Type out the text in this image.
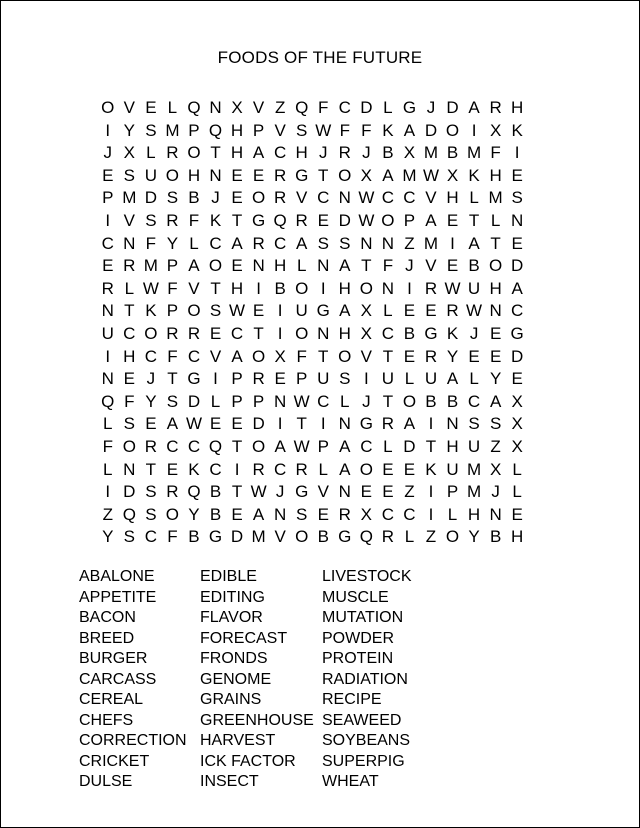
FOODS OF THE FUTURE
O V E L Q N X V Z Q F C D L G J D A R H
I Y S M P Q H P V S W F F K A D O I X K
J X L R O T H A C H J R J B X M B M F I
E S U O H N E E R G T O X A M W X K H E
P M D S B J E O R V C N W C C V H L M S
I V S R F K T G Q R E D W O P A E T L N
C N F Y L C A R C A S S N N Z M I A T E
E R M P A O E N H L N A T F J V E B O D
R L W F V T H I B O I H O N I R W U H A
N T K P O S W E I U G A X L E E R W N C
U C O R R E C T I O N H X C B G K J E G
I H C F C V A O X F T O V T E R Y E E D
N E J T G I P R E P U S I U L U A L Y E
Q F Y S D L P P N W C L J T O B B C A X
L S E A W E E D I T I N G R A I N S S X
F O R C C Q T O A W P A C L D T H U Z X
L N T E K C I R C R L A O E E K U M X L
I D S R Q B T W J G V N E E Z I P M J L
Z Q S O Y B E A N S E R X C C I L H N E
Y S C F B G D M V O B G Q R L Z O Y B H
ABALONE
APPETITE
BACON
BREED
BURGER
CARCASS
CEREAL
CHEFS
CORRECTION
CRICKET
DULSE
EDIBLE
EDITING
FLAVOR
FORECAST
FRONDS
GENOME
GRAINS
GREENHOUSE
HARVEST
ICK FACTOR
INSECT
LIVESTOCK
MUSCLE
MUTATION
POWDER
PROTEIN
RADIATION
RECIPE
SEAWEED
SOYBEANS
SUPERPIG
WHEAT
